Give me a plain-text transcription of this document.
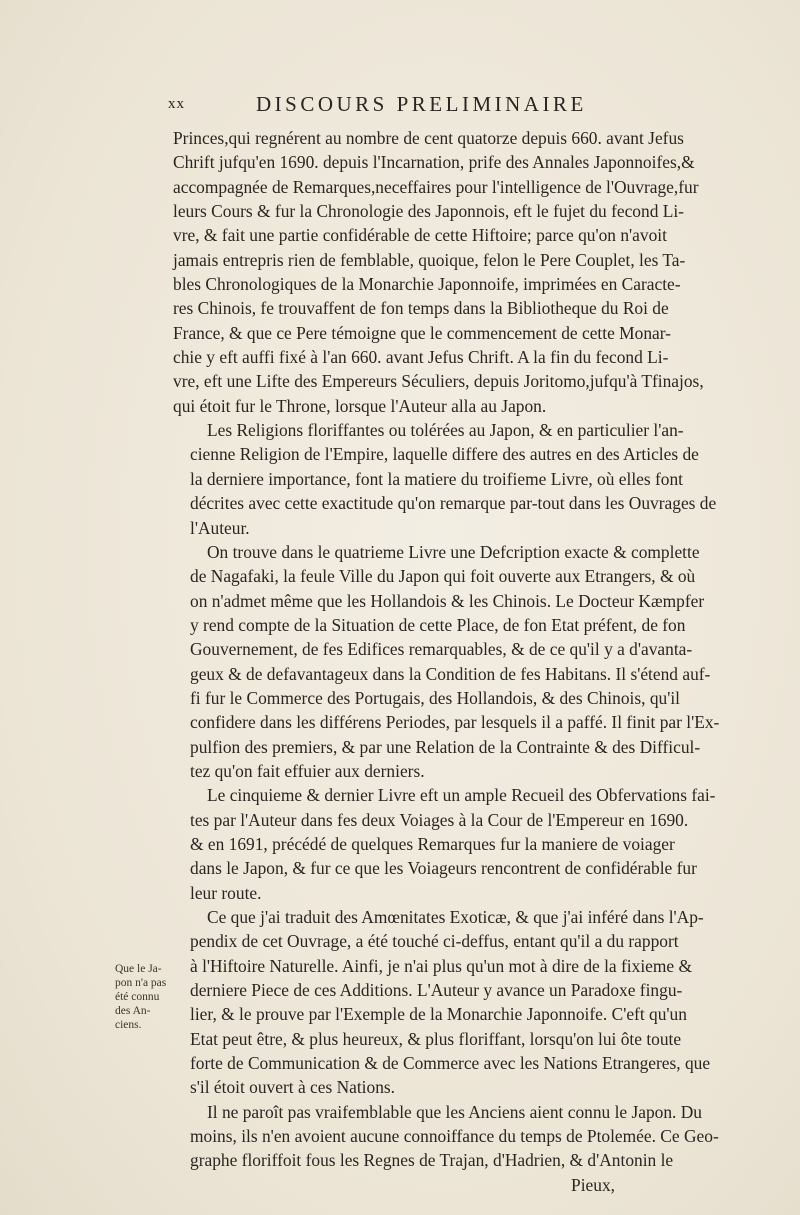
xx	DISCOURS PRELIMINAIRE
Que le Ja-
pon n'a pas
été connu
des An-
ciens.

Princes,qui regnérent au nombre de cent quatorze depuis 660. avant Jefus
Chrift jufqu'en 1690. depuis l'Incarnation, prife des Annales Japonnoifes,&
accompagnée de Remarques,neceffaires pour l'intelligence de l'Ouvrage,fur
leurs Cours & fur la Chronologie des Japonnois, eft le fujet du fecond Li-
vre, & fait une partie confidérable de cette Hiftoire; parce qu'on n'avoit
jamais entrepris rien de femblable, quoique, felon le Pere Couplet, les Ta-
bles Chronologiques de la Monarchie Japonnoife, imprimées en Caracte-
res Chinois, fe trouvaffent de fon temps dans la Bibliotheque du Roi de
France, & que ce Pere témoigne que le commencement de cette Monar-
chie y eft auffi fixé à l'an 660. avant Jefus Chrift. A la fin du fecond Li-
vre, eft une Lifte des Empereurs Séculiers, depuis Joritomo,jufqu'à Tfinajos,
qui étoit fur le Throne, lorsque l'Auteur alla au Japon.

Les Religions floriffantes ou tolérées au Japon, & en particulier l'an-
cienne Religion de l'Empire, laquelle differe des autres en des Articles de
la derniere importance, font la matiere du troifieme Livre, où elles font
décrites avec cette exactitude qu'on remarque par-tout dans les Ouvrages de
l'Auteur.

On trouve dans le quatrieme Livre une Defcription exacte & complette
de Nagafaki, la feule Ville du Japon qui foit ouverte aux Etrangers, & où
on n'admet même que les Hollandois & les Chinois. Le Docteur Kæmpfer
y rend compte de la Situation de cette Place, de fon Etat préfent, de fon
Gouvernement, de fes Edifices remarquables, & de ce qu'il y a d'avanta-
geux & de defavantageux dans la Condition de fes Habitans. Il s'étend auf-
fi fur le Commerce des Portugais, des Hollandois, & des Chinois, qu'il
confidere dans les différens Periodes, par lesquels il a paffé. Il finit par l'Ex-
pulfion des premiers, & par une Relation de la Contrainte & des Difficul-
tez qu'on fait effuier aux derniers.

Le cinquieme & dernier Livre eft un ample Recueil des Obfervations fai-
tes par l'Auteur dans fes deux Voiages à la Cour de l'Empereur en 1690.
& en 1691, précédé de quelques Remarques fur la maniere de voiager
dans le Japon, & fur ce que les Voiageurs rencontrent de confidérable fur
leur route.

Ce que j'ai traduit des Amœnitates Exoticæ, & que j'ai inféré dans l'Ap-
pendix de cet Ouvrage, a été touché ci-deffus, entant qu'il a du rapport
à l'Hiftoire Naturelle. Ainfi, je n'ai plus qu'un mot à dire de la fixieme &
derniere Piece de ces Additions. L'Auteur y avance un Paradoxe fingu-
lier, & le prouve par l'Exemple de la Monarchie Japonnoife. C'eft qu'un
Etat peut être, & plus heureux, & plus floriffant, lorsqu'on lui ôte toute
forte de Communication & de Commerce avec les Nations Etrangeres, que
s'il étoit ouvert à ces Nations.

Il ne paroît pas vraifemblable que les Anciens aient connu le Japon. Du
moins, ils n'en avoient aucune connoiffance du temps de Ptolemée. Ce Geo-
graphe floriffoit fous les Regnes de Trajan, d'Hadrien, & d'Antonin le
Pieux,
